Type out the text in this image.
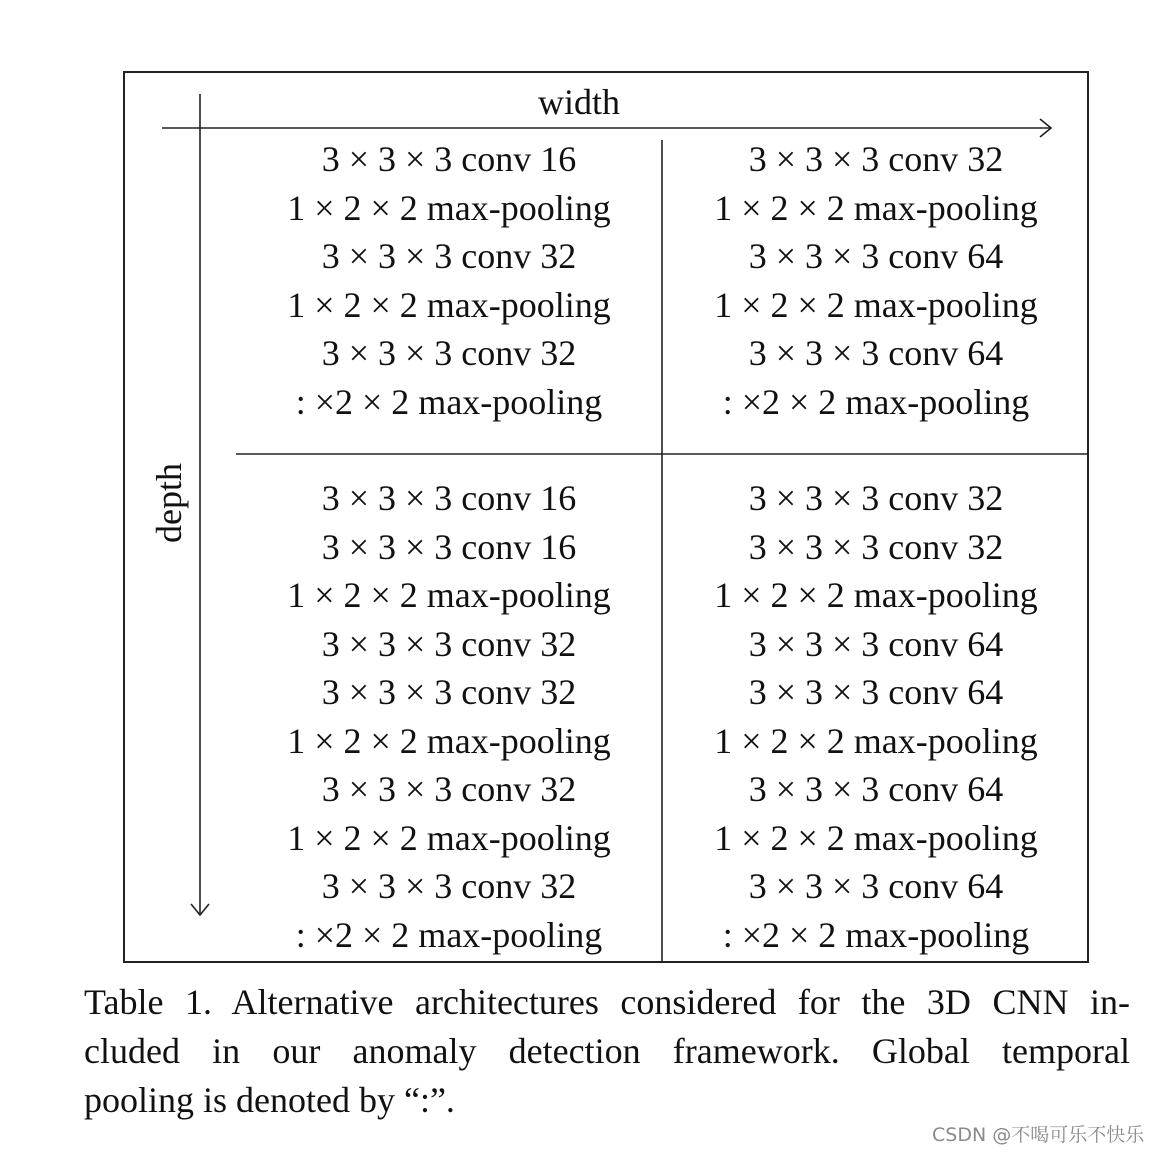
width
depth
3 × 3 × 3 conv 16
1 × 2 × 2 max-pooling
3 × 3 × 3 conv 32
1 × 2 × 2 max-pooling
3 × 3 × 3 conv 32
: ×2 × 2 max-pooling
3 × 3 × 3 conv 32
1 × 2 × 2 max-pooling
3 × 3 × 3 conv 64
1 × 2 × 2 max-pooling
3 × 3 × 3 conv 64
: ×2 × 2 max-pooling
3 × 3 × 3 conv 16
3 × 3 × 3 conv 16
1 × 2 × 2 max-pooling
3 × 3 × 3 conv 32
3 × 3 × 3 conv 32
1 × 2 × 2 max-pooling
3 × 3 × 3 conv 32
1 × 2 × 2 max-pooling
3 × 3 × 3 conv 32
: ×2 × 2 max-pooling
3 × 3 × 3 conv 32
3 × 3 × 3 conv 32
1 × 2 × 2 max-pooling
3 × 3 × 3 conv 64
3 × 3 × 3 conv 64
1 × 2 × 2 max-pooling
3 × 3 × 3 conv 64
1 × 2 × 2 max-pooling
3 × 3 × 3 conv 64
: ×2 × 2 max-pooling
Table 1. Alternative architectures considered for the 3D CNN in-
cluded in our anomaly detection framework. Global temporal
pooling is denoted by “:”.
CSDN @不喝可乐不快乐
